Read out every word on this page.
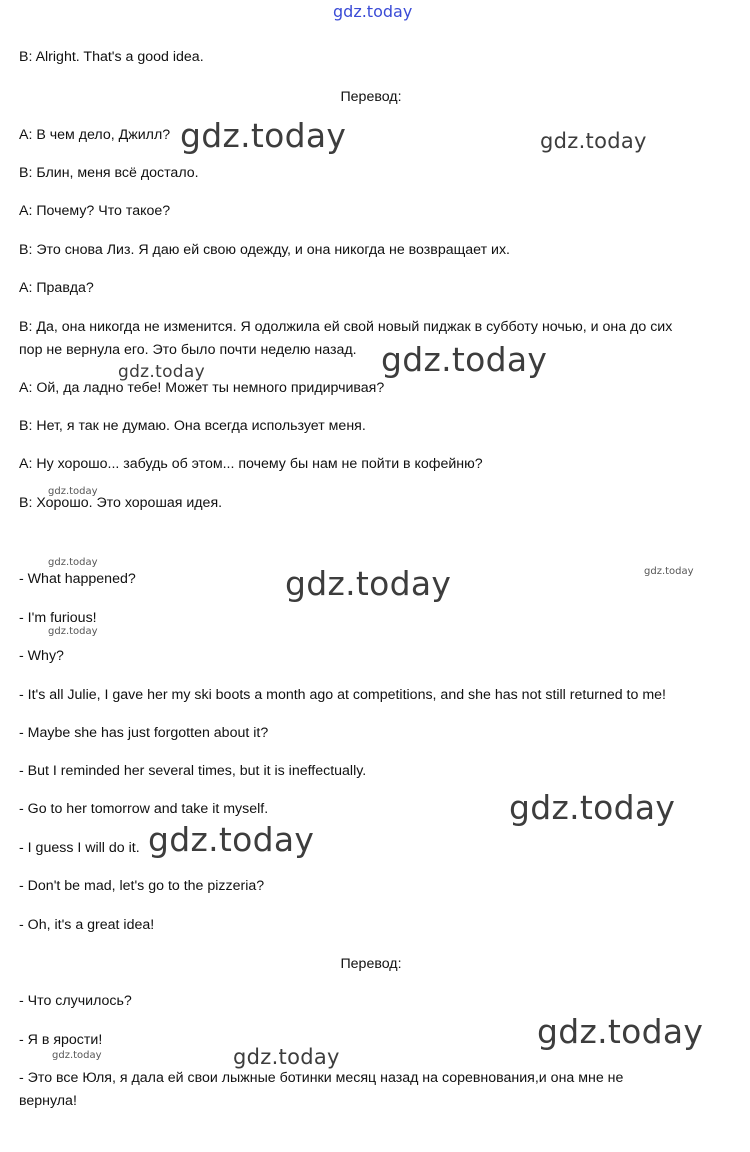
gdz.today
gdz.today	gdz.today
gdz.today
gdz.today
gdz.today
gdz.today
gdz.today	gdz.today
gdz.today
gdz.today
gdz.today
gdz.today
gdz.today
gdz.today

B: Alright. That's a good idea.

Перевод:

A: В чем дело, Джилл?

B: Блин, меня всё достало.

A: Почему? Что такое?

B: Это снова Лиз. Я даю ей свою одежду, и она никогда не возвращает их.

A: Правда?

B: Да, она никогда не изменится. Я одолжила ей свой новый пиджак в субботу ночью, и она до сих

пор не вернула его. Это было почти неделю назад.

A: Ой, да ладно тебе! Может ты немного придирчивая?

B: Нет, я так не думаю. Она всегда использует меня.

A: Ну хорошо... забудь об этом... почему бы нам не пойти в кофейню?

B: Хорошо. Это хорошая идея.

- What happened?

- I'm furious!

- Why?

- It's all Julie, I gave her my ski boots a month ago at competitions, and she has not still returned to me!

- Maybe she has just forgotten about it?

- But I reminded her several times, but it is ineffectually.

- Go to her tomorrow and take it myself.

- I guess I will do it.

- Don't be mad, let's go to the pizzeria?

- Oh, it's a great idea!

Перевод:

- Что случилось?

- Я в ярости!

- Это все Юля, я дала ей свои лыжные ботинки месяц назад на соревнования,и она мне не

вернула!
